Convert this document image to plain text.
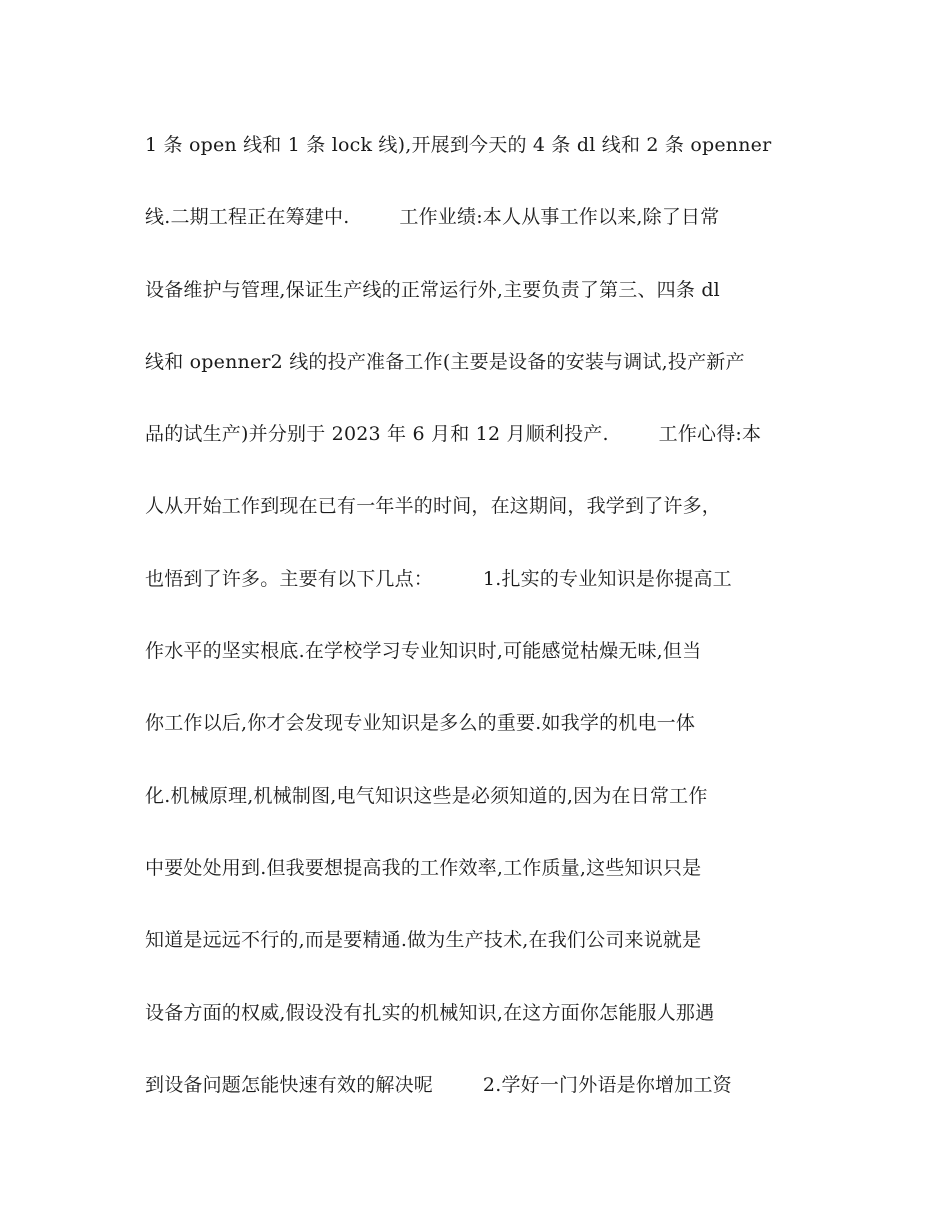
1 条 open 线和 1 条 lock 线),开展到今天的 4 条 dl 线和 2 条 openner
线.二期工程正在筹建中.        工作业绩:本人从事工作以来,除了日常
设备维护与管理,保证生产线的正常运行外,主要负责了第三、四条 dl
线和 openner2 线的投产准备工作(主要是设备的安装与调试,投产新产
品的试生产)并分别于 2023 年 6 月和 12 月顺利投产.        工作心得:本
人从开始工作到现在已有一年半的时间，在这期间，我学到了许多，
也悟到了许多。主要有以下几点：        1.扎实的专业知识是你提高工
作水平的坚实根底.在学校学习专业知识时,可能感觉枯燥无味,但当
你工作以后,你才会发现专业知识是多么的重要.如我学的机电一体
化.机械原理,机械制图,电气知识这些是必须知道的,因为在日常工作
中要处处用到.但我要想提高我的工作效率,工作质量,这些知识只是
知道是远远不行的,而是要精通.做为生产技术,在我们公司来说就是
设备方面的权威,假设没有扎实的机械知识,在这方面你怎能服人那遇
到设备问题怎能快速有效的解决呢        2.学好一门外语是你增加工资
